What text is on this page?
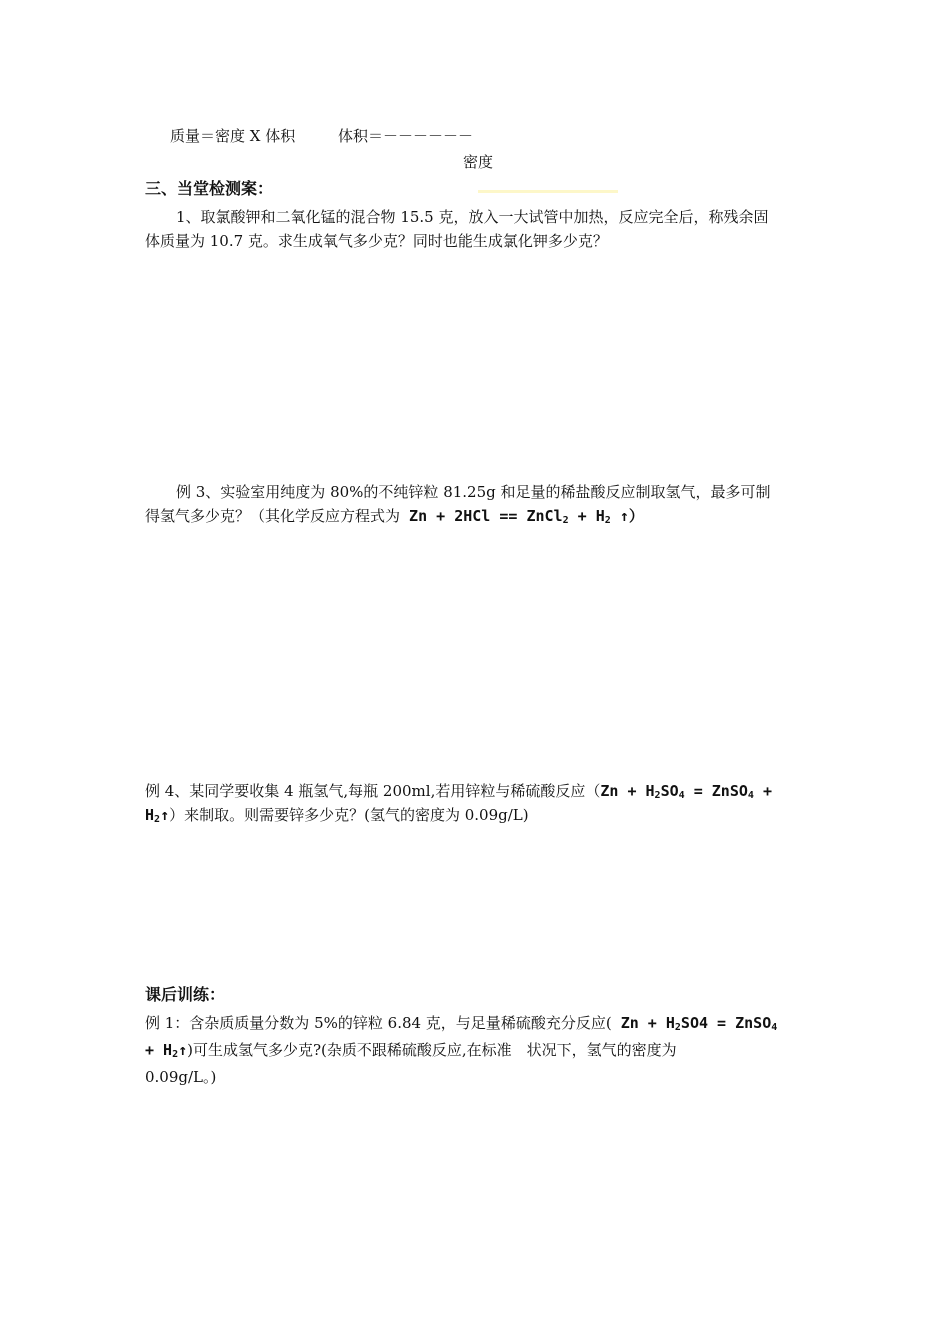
质量＝密度 X 体积	体积＝－－－－－－
密度
三、当堂检测案：
1、取氯酸钾和二氧化锰的混合物 15.5 克，放入一大试管中加热，反应完全后，称残余固
体质量为 10.7 克。求生成氧气多少克？同时也能生成氯化钾多少克？
例 3、实验室用纯度为 80%的不纯锌粒 81.25g 和足量的稀盐酸反应制取氢气，最多可制
得氢气多少克？（其化学反应方程式为 Zn + 2HCl == ZnCl$_2$ + $H_2$ ↑）
例 4、某同学要收集 4 瓶氢气,每瓶 200ml,若用锌粒与稀硫酸反应（$Zn + H_2SO_4$ = ZnSO$_4$ +
$H_2↑$）来制取。则需要锌多少克？(氢气的密度为 0.09g/L)
课后训练：
例 1：含杂质质量分数为 5%的锌粒 6.84 克，与足量稀硫酸充分反应( $Zn + H_2SO4$ = ZnSO$_4$
+ $H_2↑$)可生成氢气多少克?(杂质不跟稀硫酸反应,在标准　状况下，氢气的密度为
0.09g/L。)
